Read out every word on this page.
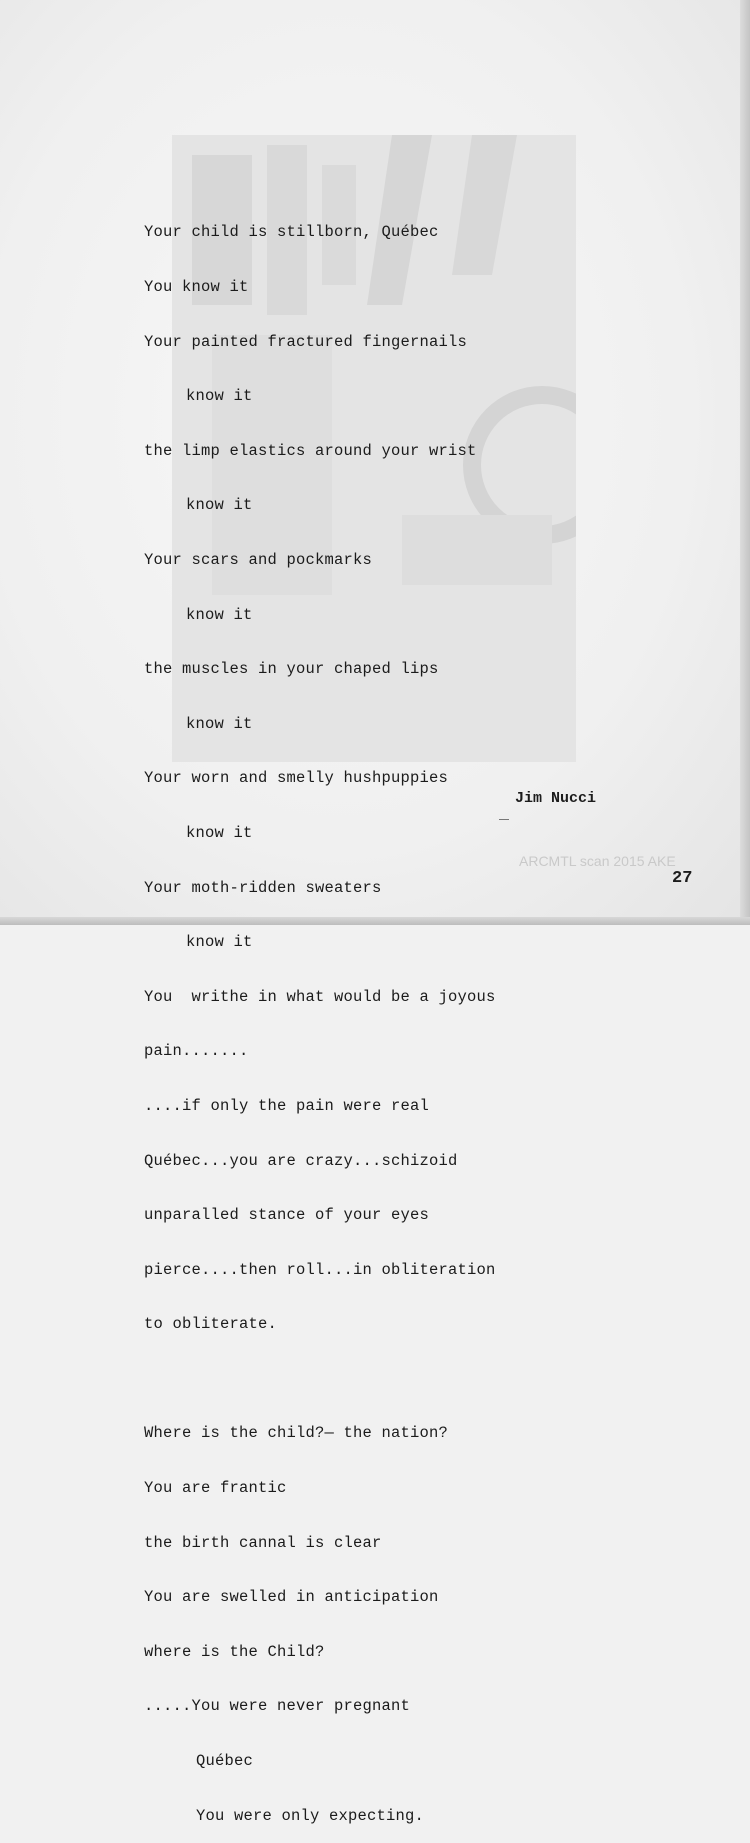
Your child is stillborn, Québec

You know it

Your painted fractured fingernails

know it

the limp elastics around your wrist

know it

Your scars and pockmarks

know it

the muscles in your chaped lips

know it

Your worn and smelly hushpuppies

know it

Your moth-ridden sweaters

know it

You  writhe in what would be a joyous

pain.......

....if only the pain were real

Québec...you are crazy...schizoid

unparalled stance of your eyes

pierce....then roll...in obliteration

to obliterate.

Where is the child?— the nation?

You are frantic

the birth cannal is clear

You are swelled in anticipation

where is the Child?

.....You were never pregnant

Québec

You were only expecting.

Jim Nucci
ARCMTL scan 2015 AKE
27
